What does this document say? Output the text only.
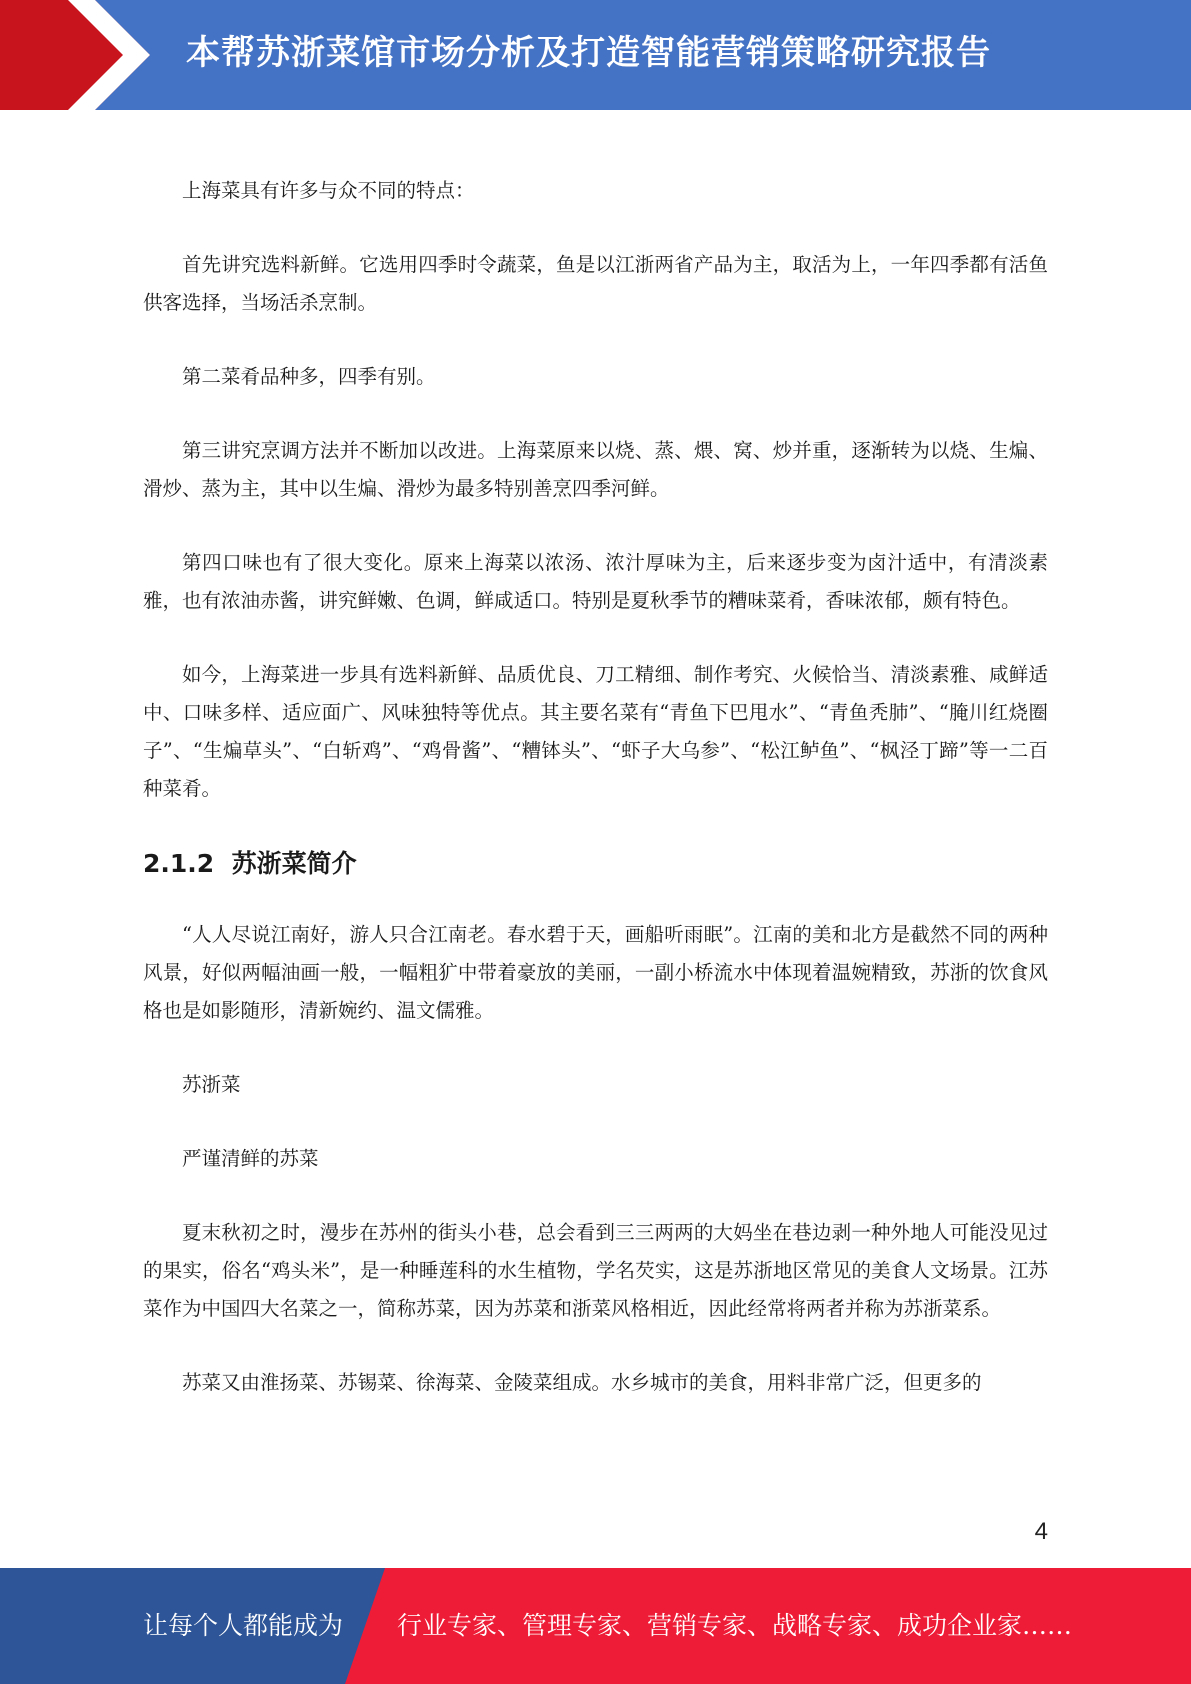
本帮苏浙菜馆市场分析及打造智能营销策略研究报告

上海菜具有许多与众不同的特点：

首先讲究选料新鲜。它选用四季时令蔬菜，鱼是以江浙两省产品为主，取活为上，一年四季都有活鱼供客选择，当场活杀烹制。

第二菜肴品种多，四季有别。

第三讲究烹调方法并不断加以改进。上海菜原来以烧、蒸、煨、窝、炒并重，逐渐转为以烧、生煸、滑炒、蒸为主，其中以生煸、滑炒为最多特别善烹四季河鲜。

第四口味也有了很大变化。原来上海菜以浓汤、浓汁厚味为主，后来逐步变为卤汁适中，有清淡素雅，也有浓油赤酱，讲究鲜嫩、色调，鲜咸适口。特别是夏秋季节的糟味菜肴，香味浓郁，颇有特色。

如今，上海菜进一步具有选料新鲜、品质优良、刀工精细、制作考究、火候恰当、清淡素雅、咸鲜适中、口味多样、适应面广、风味独特等优点。其主要名菜有“青鱼下巴甩水”、“青鱼秃肺”、“腌川红烧圈子”、“生煸草头”、“白斩鸡”、“鸡骨酱”、“糟钵头”、“虾子大乌参”、“松江鲈鱼”、“枫泾丁蹄”等一二百种菜肴。

2.1.2 苏浙菜简介

“人人尽说江南好，游人只合江南老。春水碧于天，画船听雨眠”。江南的美和北方是截然不同的两种风景，好似两幅油画一般，一幅粗犷中带着豪放的美丽，一副小桥流水中体现着温婉精致，苏浙的饮食风格也是如影随形，清新婉约、温文儒雅。

苏浙菜

严谨清鲜的苏菜

夏末秋初之时，漫步在苏州的街头小巷，总会看到三三两两的大妈坐在巷边剥一种外地人可能没见过的果实，俗名“鸡头米”，是一种睡莲科的水生植物，学名芡实，这是苏浙地区常见的美食人文场景。江苏菜作为中国四大名菜之一，简称苏菜，因为苏菜和浙菜风格相近，因此经常将两者并称为苏浙菜系。

苏菜又由淮扬菜、苏锡菜、徐海菜、金陵菜组成。水乡城市的美食，用料非常广泛，但更多的

4
让每个人都能成为 行业专家、管理专家、营销专家、战略专家、成功企业家……
